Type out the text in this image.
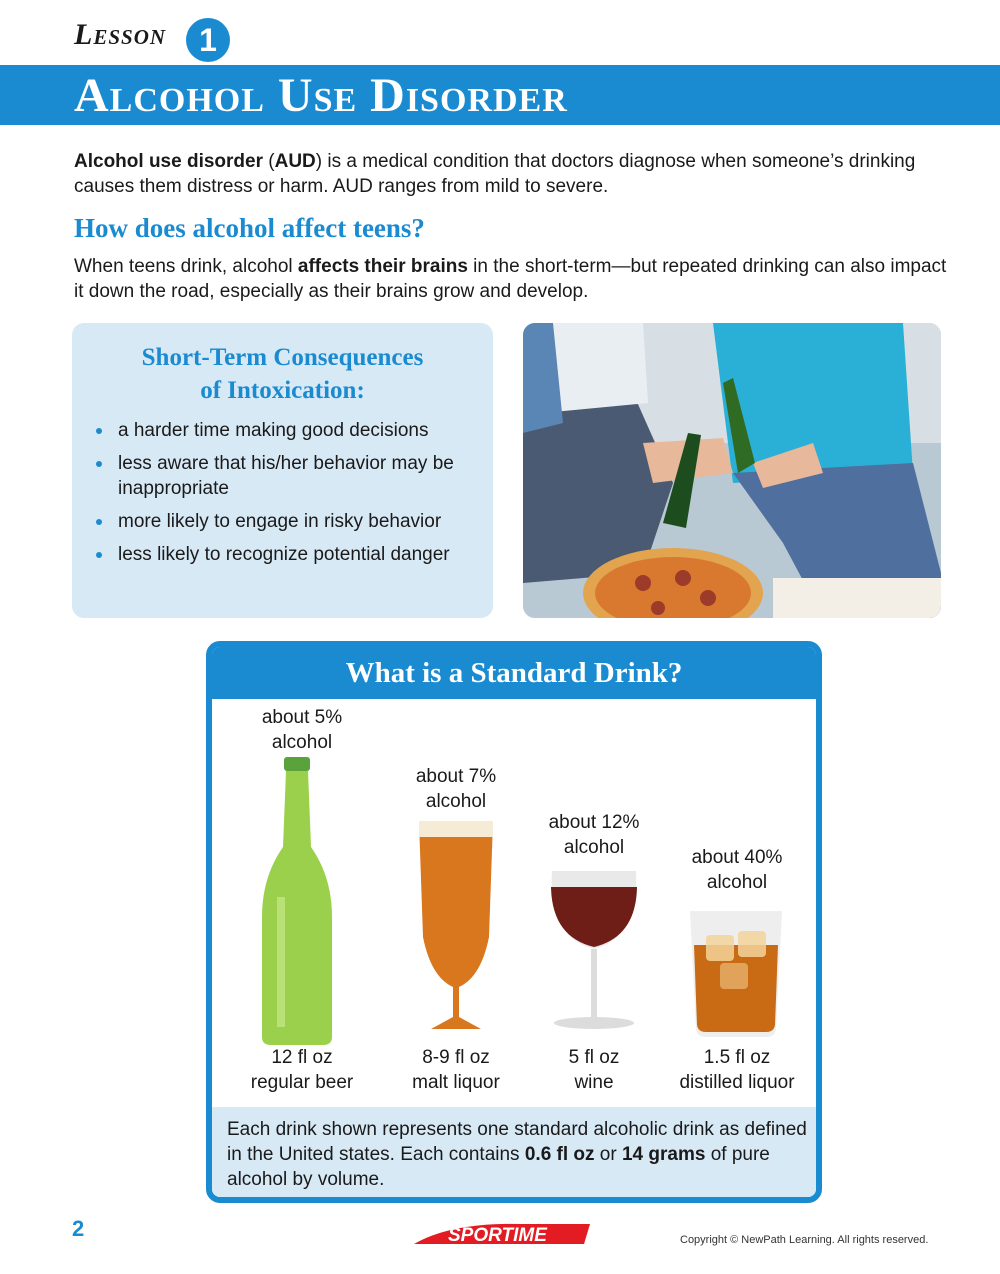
Lesson	1
Alcohol Use Disorder

Alcohol use disorder (AUD) is a medical condition that doctors diagnose when someone’s drinking causes them distress or harm. AUD ranges from mild to severe.

How does alcohol affect teens?

When teens drink, alcohol affects their brains in the short-term—but repeated drinking can also impact it down the road, especially as their brains grow and develop.

Short-Term Consequences
of Intoxication:
a harder time making good decisions
less aware that his/her behavior may be inappropriate
more likely to engage in risky behavior
less likely to recognize potential danger
What is a Standard Drink?
about 5%
alcohol
12 fl oz
regular beer
about 7%
alcohol
8-9 fl oz
malt liquor
about 12%
alcohol
5 fl oz
wine
about 40%
alcohol
1.5 fl oz
distilled liquor

Each drink shown represents one standard alcoholic drink as defined in the United states. Each contains 0.6 fl oz or 14 grams of pure alcohol by volume.

2	SPORTIME	Copyright © NewPath Learning. All rights reserved.
